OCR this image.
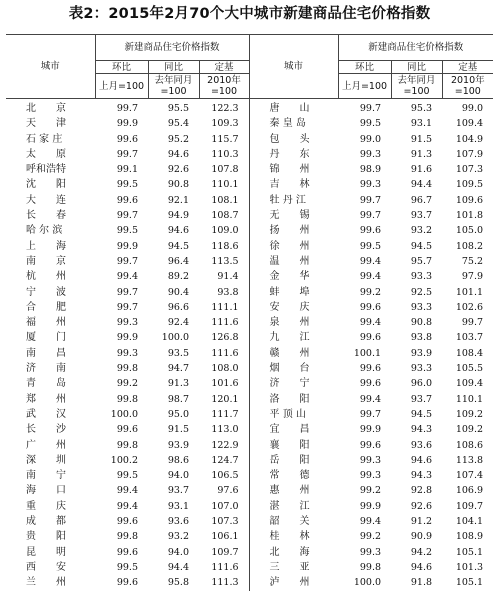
表2：2015年2月70个大中城市新建商品住宅价格指数
城市	新建商品住宅价格指数			城市	新建商品住宅价格指数		
	环比	同比	定基		环比	同比	定基
	上月=100	去年同月=100	2010年=100		上月=100	去年同月=100	2010年=100
北　　京	99.7	95.5	122.3	唐　　山	99.7	95.3	99.0
天　　津	99.9	95.4	109.3	秦 皇 岛	99.5	93.1	109.4
石 家 庄	99.6	95.2	115.7	包　　头	99.0	91.5	104.9
太　　原	99.7	94.6	110.3	丹　　东	99.3	91.3	107.9
呼和浩特	99.1	92.6	107.8	锦　　州	98.9	91.6	107.3
沈　　阳	99.5	90.8	110.1	吉　　林	99.3	94.4	109.5
大　　连	99.6	92.1	108.1	牡 丹 江	99.7	96.7	109.6
长　　春	99.7	94.9	108.7	无　　锡	99.7	93.7	101.8
哈 尔 滨	99.5	94.6	109.0	扬　　州	99.6	93.2	105.0
上　　海	99.9	94.5	118.6	徐　　州	99.5	94.5	108.2
南　　京	99.7	96.4	113.5	温　　州	99.4	95.7	75.2
杭　　州	99.4	89.2	91.4	金　　华	99.4	93.3	97.9
宁　　波	99.7	90.4	93.8	蚌　　埠	99.2	92.5	101.1
合　　肥	99.7	96.6	111.1	安　　庆	99.6	93.3	102.6
福　　州	99.3	92.4	111.6	泉　　州	99.4	90.8	99.7
厦　　门	99.9	100.0	126.8	九　　江	99.6	93.8	103.7
南　　昌	99.3	93.5	111.6	赣　　州	100.1	93.9	108.4
济　　南	99.8	94.7	108.0	烟　　台	99.6	93.3	105.5
青　　岛	99.2	91.3	101.6	济　　宁	99.6	96.0	109.4
郑　　州	99.8	98.7	120.1	洛　　阳	99.4	93.7	110.1
武　　汉	100.0	95.0	111.7	平 顶 山	99.7	94.5	109.2
长　　沙	99.6	91.5	113.0	宜　　昌	99.9	94.3	109.2
广　　州	99.8	93.9	122.9	襄　　阳	99.6	93.6	108.6
深　　圳	100.2	98.6	124.7	岳　　阳	99.3	94.6	113.8
南　　宁	99.5	94.0	106.5	常　　德	99.3	94.3	107.4
海　　口	99.4	93.7	97.6	惠　　州	99.2	92.8	106.9
重　　庆	99.4	93.1	107.0	湛　　江	99.9	92.6	109.7
成　　都	99.6	93.6	107.3	韶　　关	99.4	91.2	104.1
贵　　阳	99.8	93.2	106.1	桂　　林	99.2	90.9	108.9
昆　　明	99.6	94.0	109.7	北　　海	99.3	94.2	105.1
西　　安	99.5	94.4	111.6	三　　亚	99.8	94.6	101.3
兰　　州	99.6	95.8	111.3	泸　　州	100.0	91.8	105.1
